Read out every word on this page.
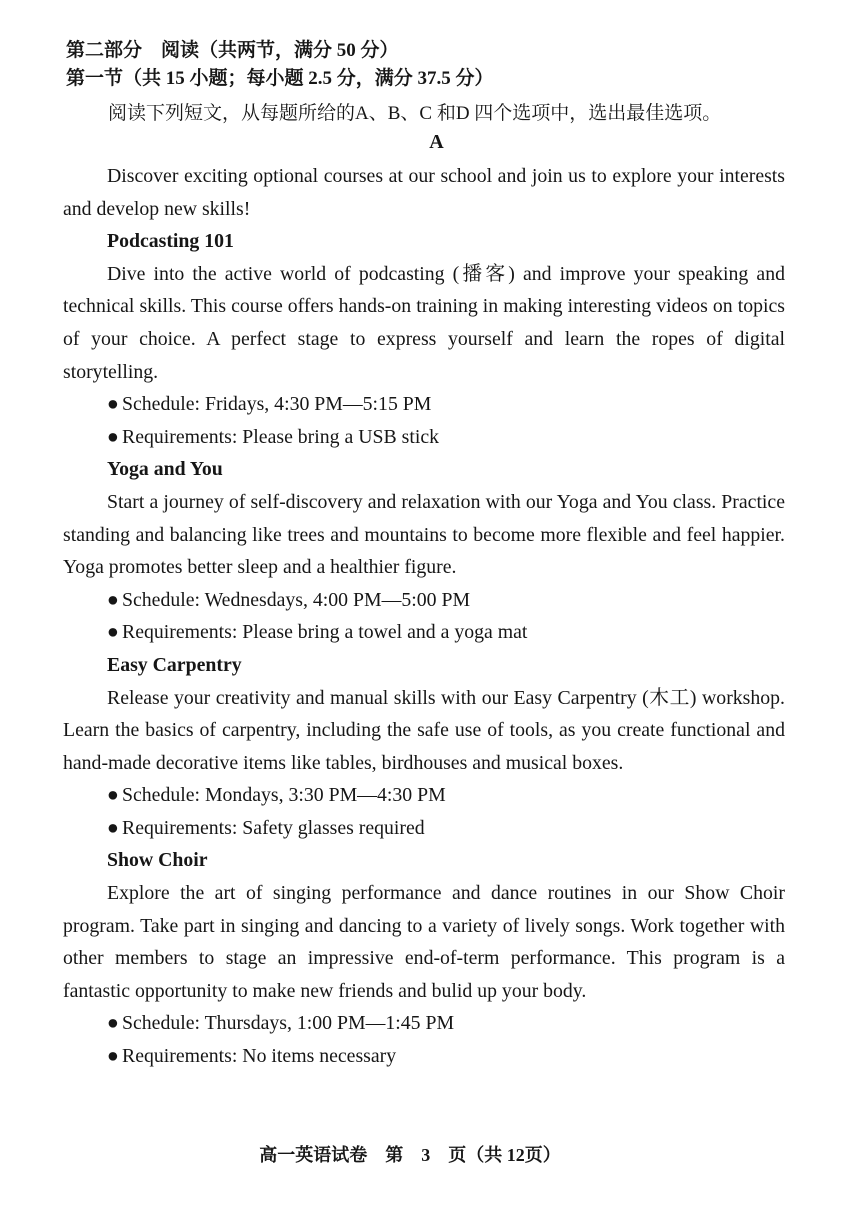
第二部分　阅读（共两节，满分 50 分）
第一节（共 15 小题；每小题 2.5 分，满分 37.5 分）
阅读下列短文，从每题所给的A、B、C 和D 四个选项中，选出最佳选项。
A

Discover exciting optional courses at our school and join us to explore your interests and develop new skills!

Podcasting 101

Dive into the active world of podcasting (播客) and improve your speaking and technical skills. This course offers hands-on training in making interesting videos on topics of your choice. A perfect stage to express yourself and learn the ropes of digital storytelling.

● Schedule: Fridays, 4:30 PM—5:15 PM
● Requirements: Please bring a USB stick
Yoga and You

Start a journey of self-discovery and relaxation with our Yoga and You class. Practice standing and balancing like trees and mountains to become more flexible and feel happier. Yoga promotes better sleep and a healthier figure.

● Schedule: Wednesdays, 4:00 PM—5:00 PM
● Requirements: Please bring a towel and a yoga mat
Easy Carpentry

Release your creativity and manual skills with our Easy Carpentry (木工) workshop. Learn the basics of carpentry, including the safe use of tools, as you create functional and hand-made decorative items like tables, birdhouses and musical boxes.

● Schedule: Mondays, 3:30 PM—4:30 PM
● Requirements: Safety glasses required
Show Choir

Explore the art of singing performance and dance routines in our Show Choir program. Take part in singing and dancing to a variety of lively songs. Work together with other members to stage an impressive end-of-term performance. This program is a fantastic opportunity to make new friends and bulid up your body.

● Schedule: Thursdays, 1:00 PM—1:45 PM
● Requirements: No items necessary
高一英语试卷　第　3　页（共 12页）
